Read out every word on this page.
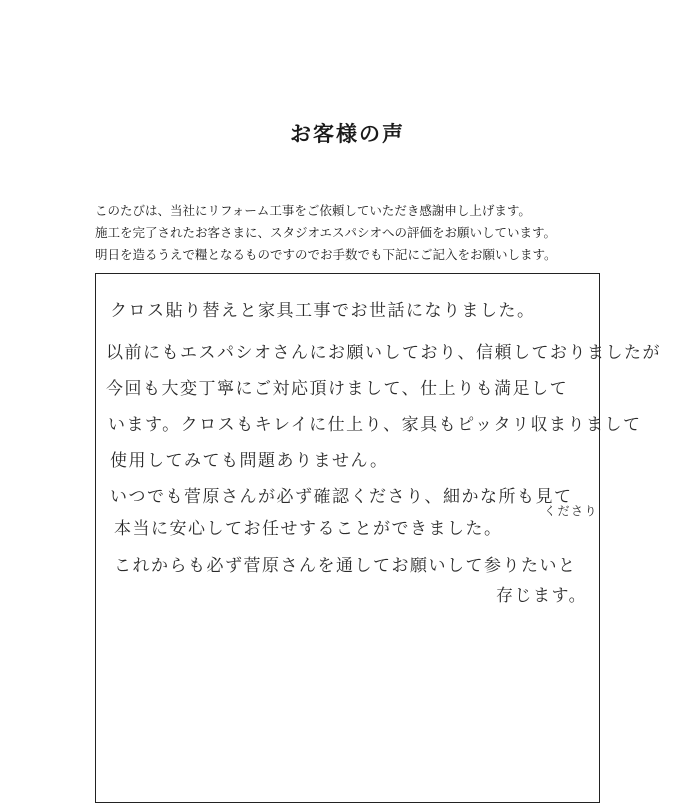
お客様の声
このたびは、当社にリフォーム工事をご依頼していただき感謝申し上げます。
施工を完了されたお客さまに、スタジオエスパシオへの評価をお願いしています。
明日を造るうえで糧となるものですのでお手数でも下記にご記入をお願いします。
クロス貼り替えと家具工事でお世話になりました。
以前にもエスパシオさんにお願いしており、信頼しておりましたが
今回も大変丁寧にご対応頂けまして、仕上りも満足して
います。クロスもキレイに仕上り、家具もピッタリ収まりまして
使用してみても問題ありません。
いつでも菅原さんが必ず確認くださり、細かな所も見て
くださり
本当に安心してお任せすることができました。
これからも必ず菅原さんを通してお願いして参りたいと
存じます。
